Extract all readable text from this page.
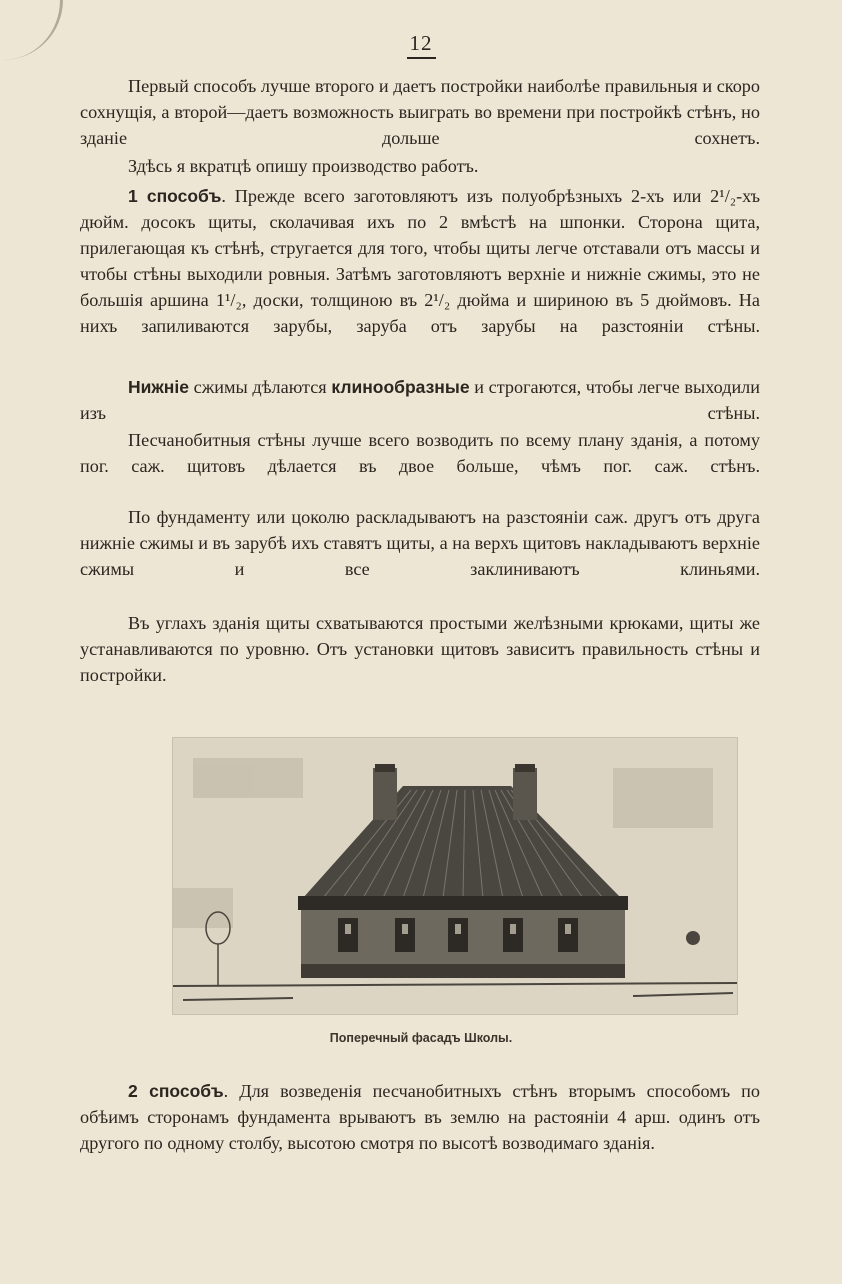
12

Первый способъ лучше второго и даетъ постройки наиболѣе правильныя и скоро сохнущія, а второй—даетъ возможность выиграть во времени при постройкѣ стѣнъ, но зданіе дольше сохнетъ.

Здѣсь я вкратцѣ опишу производство работъ.

1 способъ. Прежде всего заготовляютъ изъ полуобрѣзныхъ 2-хъ или 2¹/₂-хъ дюйм. досокъ щиты, сколачивая ихъ по 2 вмѣстѣ на шпонки. Сторона щита, прилегающая къ стѣнѣ, стругается для того, чтобы щиты легче отставали отъ массы и чтобы стѣны выходили ровныя. Затѣмъ заготовляютъ верхніе и нижніе сжимы, это не большія аршина 1¹/₂, доски, толщиною въ 2¹/₂ дюйма и шириною въ 5 дюймовъ. На нихъ запиливаются зарубы, заруба отъ зарубы на разстояніи стѣны.

Нижніе сжимы дѣлаются клинообразные и строгаются, чтобы легче выходили изъ стѣны.

Песчанобитныя стѣны лучше всего возводить по всему плану зданія, а потому пог. саж. щитовъ дѣлается въ двое больше, чѣмъ пог. саж. стѣнъ.

По фундаменту или цоколю раскладываютъ на разстояніи саж. другъ отъ друга нижніе сжимы и въ зарубѣ ихъ ставятъ щиты, а на верхъ щитовъ накладываютъ верхніе сжимы и все заклиниваютъ клиньями.

Въ углахъ зданія щиты схватываются простыми желѣзными крюками, щиты же устанавливаются по уровню. Отъ установки щитовъ зависитъ правильность стѣны и постройки.

Поперечный фасадъ Школы.

2 способъ. Для возведенія песчанобитныхъ стѣнъ вторымъ способомъ по обѣимъ сторонамъ фундамента врываютъ въ землю на растояніи 4 арш. одинъ отъ другого по одному столбу, высотою смотря по высотѣ возводимаго зданія.
